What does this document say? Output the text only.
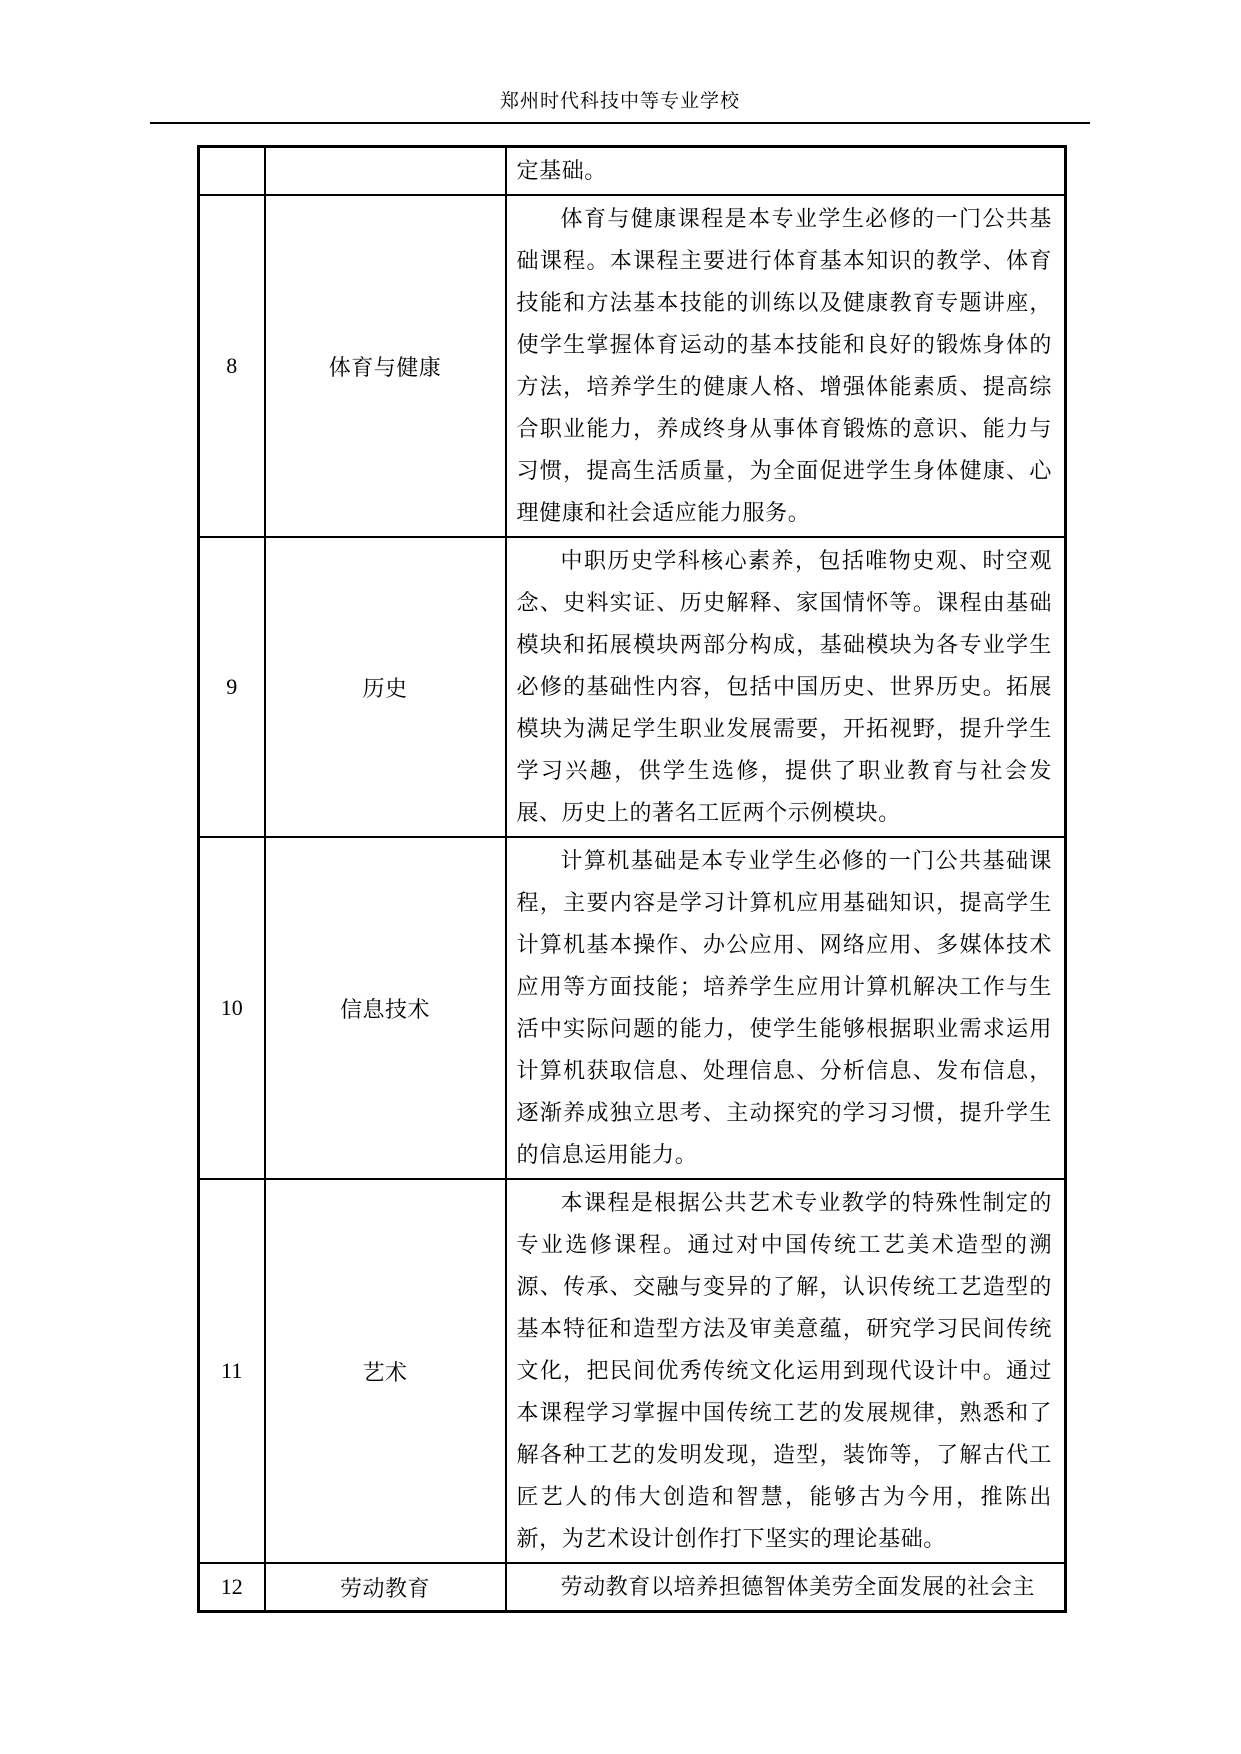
郑州时代科技中等专业学校

		定基础。

8	体育与健康	体育与健康课程是本专业学生必修的一门公共基础课程。本课程主要进行体育基本知识的教学、体育技能和方法基本技能的训练以及健康教育专题讲座，使学生掌握体育运动的基本技能和良好的锻炼身体的方法，培养学生的健康人格、增强体能素质、提高综合职业能力，养成终身从事体育锻炼的意识、能力与习惯，提高生活质量，为全面促进学生身体健康、心理健康和社会适应能力服务。

9	历史	中职历史学科核心素养，包括唯物史观、时空观念、史料实证、历史解释、家国情怀等。课程由基础模块和拓展模块两部分构成，基础模块为各专业学生必修的基础性内容，包括中国历史、世界历史。拓展模块为满足学生职业发展需要，开拓视野，提升学生学习兴趣，供学生选修，提供了职业教育与社会发展、历史上的著名工匠两个示例模块。

10	信息技术	计算机基础是本专业学生必修的一门公共基础课程，主要内容是学习计算机应用基础知识，提高学生计算机基本操作、办公应用、网络应用、多媒体技术应用等方面技能；培养学生应用计算机解决工作与生活中实际问题的能力，使学生能够根据职业需求运用计算机获取信息、处理信息、分析信息、发布信息，逐渐养成独立思考、主动探究的学习习惯，提升学生的信息运用能力。

11	艺术	本课程是根据公共艺术专业教学的特殊性制定的专业选修课程。通过对中国传统工艺美术造型的溯源、传承、交融与变异的了解，认识传统工艺造型的基本特征和造型方法及审美意蕴，研究学习民间传统文化，把民间优秀传统文化运用到现代设计中。通过本课程学习掌握中国传统工艺的发展规律，熟悉和了解各种工艺的发明发现，造型，装饰等，了解古代工匠艺人的伟大创造和智慧，能够古为今用，推陈出新，为艺术设计创作打下坚实的理论基础。

12	劳动教育	劳动教育以培养担德智体美劳全面发展的社会主
